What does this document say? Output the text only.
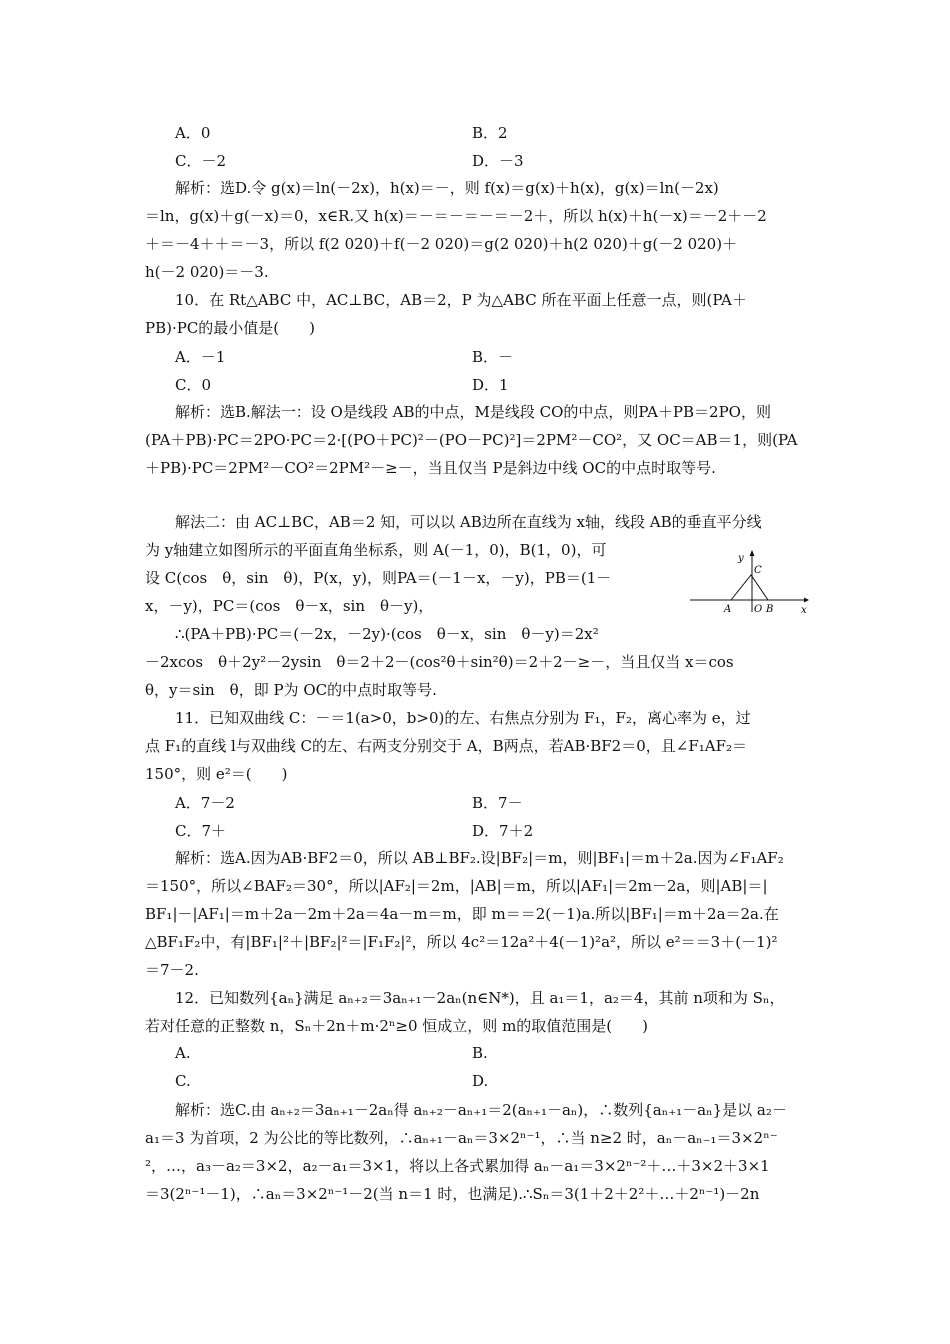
A．0	B．2
C．－2	D．－3
解析：选D.令 g(x)＝ln(－2x)，h(x)＝－，则 f(x)＝g(x)＋h(x)，g(x)＝ln(－2x)
＝ln，g(x)＋g(－x)＝0，x∈R.又 h(x)＝－＝－＝－＝－2＋，所以 h(x)＋h(－x)＝－2＋－2
＋＝－4＋＋＝－3，所以 f(2 020)＋f(－2 020)＝g(2 020)＋h(2 020)＋g(－2 020)＋
h(－2 020)＝－3.
10．在 Rt△ABC 中，AC⊥BC，AB＝2，P 为△ABC 所在平面上任意一点，则(PA＋
PB)·PC的最小值是(　　)
A．－1	B．－
C．0	D．1
解析：选B.解法一：设 O是线段 AB的中点，M是线段 CO的中点，则PA＋PB＝2PO，则
(PA＋PB)·PC＝2PO·PC＝2·[(PO＋PC)²－(PO－PC)²]＝2PM²－CO²，又 OC＝AB＝1，则(PA
＋PB)·PC＝2PM²－CO²＝2PM²－≥－，当且仅当 P是斜边中线 OC的中点时取等号.
解法二：由 AC⊥BC，AB＝2 知，可以以 AB边所在直线为 x轴，线段 AB的垂直平分线
为 y轴建立如图所示的平面直角坐标系，则 A(－1，0)，B(1，0)，可
设 C(cos　θ，sin　θ)，P(x，y)，则PA＝(－1－x，－y)，PB＝(1－
x，－y)，PC＝(cos　θ－x，sin　θ－y)，
∴(PA＋PB)·PC＝(－2x，－2y)·(cos　θ－x，sin　θ－y)＝2x²
－2xcos　θ＋2y²－2ysin　θ＝2＋2－(cos²θ＋sin²θ)＝2＋2－≥－，当且仅当 x＝cos
θ，y＝sin　θ，即 P为 OC的中点时取等号.
y
x
C
A O B
11．已知双曲线 C：－＝1(a>0，b>0)的左、右焦点分别为 F₁，F₂，离心率为 e，过
点 F₁的直线 l与双曲线 C的左、右两支分别交于 A，B两点，若AB·BF2＝0，且∠F₁AF₂＝
150°，则 e²＝(　　)
A．7－2	B．7－
C．7＋	D．7＋2
解析：选A.因为AB·BF2＝0，所以 AB⊥BF₂.设|BF₂|＝m，则|BF₁|＝m＋2a.因为∠F₁AF₂
＝150°，所以∠BAF₂＝30°，所以|AF₂|＝2m，|AB|＝m，所以|AF₁|＝2m－2a，则|AB|＝|
BF₁|－|AF₁|＝m＋2a－2m＋2a＝4a－m＝m，即 m＝＝2(－1)a.所以|BF₁|＝m＋2a＝2a.在
△BF₁F₂中，有|BF₁|²＋|BF₂|²＝|F₁F₂|²，所以 4c²＝12a²＋4(－1)²a²，所以 e²＝＝3＋(－1)²
＝7－2.
12．已知数列{aₙ}满足 aₙ₊₂＝3aₙ₊₁－2aₙ(n∈N*)，且 a₁＝1，a₂＝4，其前 n项和为 Sₙ，
若对任意的正整数 n，Sₙ＋2n＋m·2ⁿ≥0 恒成立，则 m的取值范围是(　　)
A.	B.
C.	D.
解析：选C.由 aₙ₊₂＝3aₙ₊₁－2aₙ得 aₙ₊₂－aₙ₊₁＝2(aₙ₊₁－aₙ)，∴数列{aₙ₊₁－aₙ}是以 a₂－
a₁＝3 为首项，2 为公比的等比数列，∴aₙ₊₁－aₙ＝3×2ⁿ⁻¹，∴当 n≥2 时，aₙ－aₙ₋₁＝3×2ⁿ⁻
²，…，a₃－a₂＝3×2，a₂－a₁＝3×1，将以上各式累加得 aₙ－a₁＝3×2ⁿ⁻²＋…＋3×2＋3×1
＝3(2ⁿ⁻¹－1)，∴aₙ＝3×2ⁿ⁻¹－2(当 n＝1 时，也满足).∴Sₙ＝3(1＋2＋2²＋…＋2ⁿ⁻¹)－2n
